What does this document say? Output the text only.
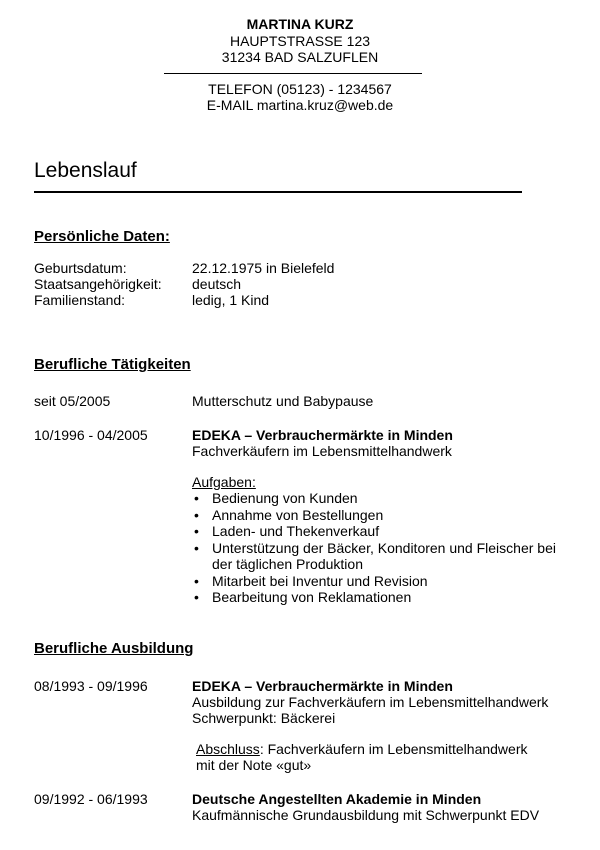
MARTINA KURZ
HAUPTSTRASSE 123
31234 BAD SALZUFLEN
TELEFON (05123) - 1234567
E-MAIL martina.kruz@web.de
Lebenslauf
Persönliche Daten:
Geburtsdatum:	22.12.1975 in Bielefeld
Staatsangehörigkeit: deutsch
Familienstand:	ledig, 1 Kind
Berufliche Tätigkeiten
seit 05/2005	Mutterschutz und Babypause
10/1996 - 04/2005	EDEKA – Verbrauchermärkte in Minden
Fachverkäufern im Lebensmittelhandwerk
Aufgaben:
• Bedienung von Kunden
• Annahme von Bestellungen
• Laden- und Thekenverkauf
• Unterstützung der Bäcker, Konditoren und Fleischer bei der täglichen Produktion
• Mitarbeit bei Inventur und Revision
• Bearbeitung von Reklamationen
Berufliche Ausbildung
08/1993 - 09/1996	EDEKA – Verbrauchermärkte in Minden
Ausbildung zur Fachverkäufern im Lebensmittelhandwerk
Schwerpunkt: Bäckerei
Abschluss: Fachverkäufern im Lebensmittelhandwerk
mit der Note «gut»
09/1992 - 06/1993	Deutsche Angestellten Akademie in Minden
Kaufmännische Grundausbildung mit Schwerpunkt EDV
